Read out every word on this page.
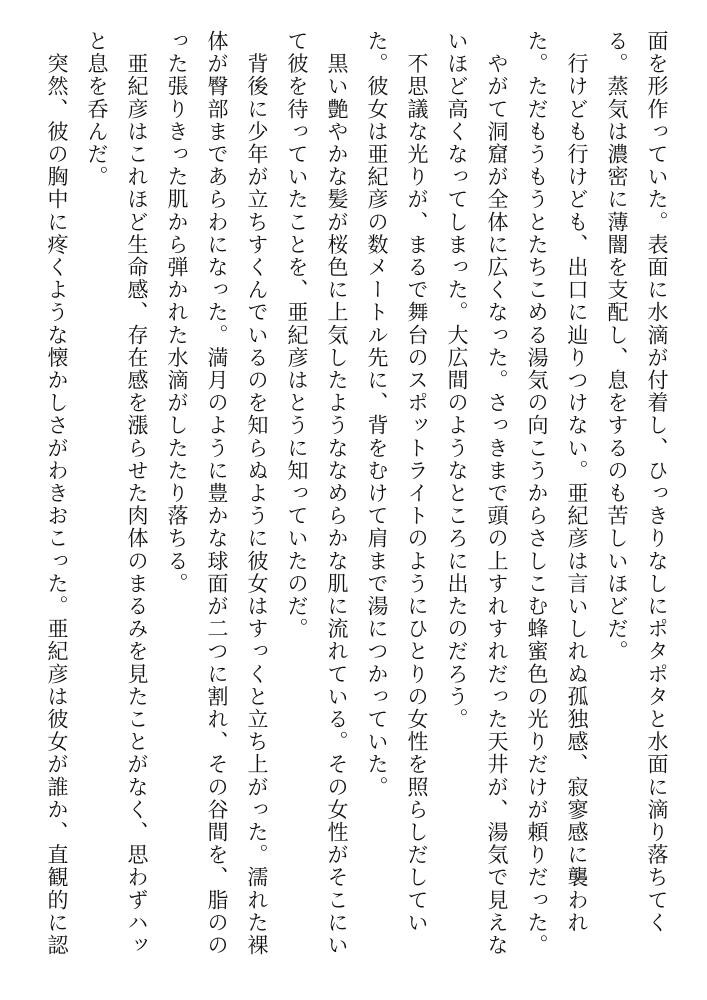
面を形作っていた。表面に水滴が付着し、ひっきりなしにポタポタと水面に滴り落ちてく
る。蒸気は濃密に薄闇を支配し、息をするのも苦しいほどだ。
　行けども行けども、出口に辿りつけない。亜紀彦は言いしれぬ孤独感、寂寥感に襲われ
た。ただもうもうとたちこめる湯気の向こうからさしこむ蜂蜜色の光りだけが頼りだった。
　やがて洞窟が全体に広くなった。さっきまで頭の上すれすれだった天井が、湯気で見えな
いほど高くなってしまった。大広間のようなところに出たのだろう。
　不思議な光りが、まるで舞台のスポットライトのようにひとりの女性を照らしだしてい
た。彼女は亜紀彦の数メートル先に、背をむけて肩まで湯につかっていた。
　黒い艶やかな髪が桜色に上気したようななめらかな肌に流れている。その女性がそこにい
て彼を待っていたことを、亜紀彦はとうに知っていたのだ。
　背後に少年が立ちすくんでいるのを知らぬように彼女はすっくと立ち上がった。濡れた裸
体が臀部まであらわになった。満月のように豊かな球面が二つに割れ、その谷間を、脂のの
った張りきった肌から弾かれた水滴がしたたり落ちる。
　亜紀彦はこれほど生命感、存在感を漲らせた肉体のまるみを見たことがなく、思わずハッ
と息を呑んだ。
　突然、彼の胸中に疼くような懐かしさがわきおこった。亜紀彦は彼女が誰か、直観的に認
